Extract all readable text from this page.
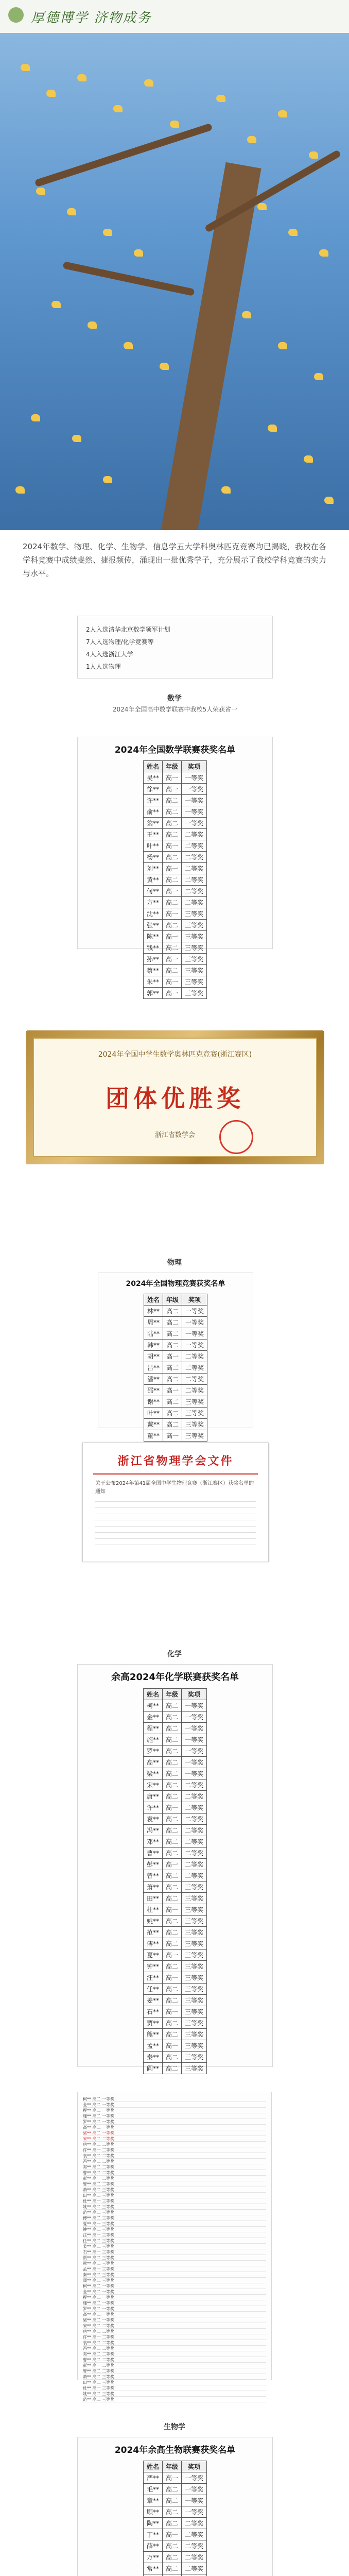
厚德博学 济物成务
2024年数学、物理、化学、生物学、信息学五大学科奥林匹克竞赛均已揭晓，我校在各学科竞赛中成绩斐然、捷报频传，涌现出一批优秀学子，充分展示了我校学科竞赛的实力与水平。
2人入选清华北京数学领军计划
7人入选物理/化学竞赛等
4人入选浙江大学
1人人选物理
数学
2024年全国高中数学联赛中我校5人荣获省一
2024年全国数学联赛获奖名单
姓名	年级	奖项
吴**	高一	一等奖
徐**	高一	一等奖
许**	高二	一等奖
俞**	高二	一等奖
翁**	高二	一等奖
王**	高二	二等奖
叶**	高一	二等奖
杨**	高二	二等奖
刘**	高一	二等奖
黄**	高二	二等奖
何**	高一	二等奖
方**	高二	二等奖
沈**	高一	三等奖
张**	高二	三等奖
陈**	高一	三等奖
钱**	高二	三等奖
孙**	高一	三等奖
蔡**	高二	三等奖
朱**	高一	三等奖
郭**	高一	三等奖
2024年全国中学生数学奥林匹克竞赛(浙江赛区)
团体优胜奖
浙江省数学会
物理
2024年全国物理竞赛获奖名单
姓名	年级	奖项
林**	高二	一等奖
周**	高二	一等奖
陆**	高二	一等奖
韩**	高二	一等奖
胡**	高一	二等奖
吕**	高二	二等奖
潘**	高二	二等奖
邵**	高一	二等奖
谢**	高二	三等奖
叶**	高二	三等奖
戴**	高二	三等奖
董**	高一	三等奖
浙江省物理学会文件
关于公布2024年第41届全国中学生物理竞赛（浙江赛区）获奖名单的通知
化学
余高2024年化学联赛获奖名单
姓名	年级	奖项
柯**	高二	一等奖
金**	高二	一等奖
程**	高二	一等奖
施**	高二	一等奖
罗**	高二	一等奖
高**	高二	一等奖
梁**	高二	一等奖
宋**	高二	二等奖
唐**	高二	二等奖
许**	高一	二等奖
袁**	高二	二等奖
冯**	高二	二等奖
邓**	高二	二等奖
曹**	高二	二等奖
彭**	高一	二等奖
曾**	高二	二等奖
萧**	高二	三等奖
田**	高二	三等奖
杜**	高一	三等奖
姚**	高二	三等奖
范**	高二	三等奖
傅**	高二	三等奖
夏**	高一	三等奖
钟**	高二	三等奖
汪**	高一	三等奖
任**	高二	三等奖
姜**	高二	三等奖
石**	高一	三等奖
贾**	高二	三等奖
熊**	高二	三等奖
孟**	高一	三等奖
秦**	高二	三等奖
阎**	高二	三等奖
柯** 高二 一等奖
金** 高二 一等奖
程** 高二 一等奖
施** 高二 一等奖
罗** 高二 一等奖
高** 高二 一等奖
梁** 高二 一等奖
宋** 高二 二等奖
唐** 高二 二等奖
许** 高一 二等奖
袁** 高二 二等奖
冯** 高二 二等奖
邓** 高二 二等奖
曹** 高二 二等奖
彭** 高一 二等奖
曾** 高二 二等奖
萧** 高二 三等奖
田** 高二 三等奖
杜** 高一 三等奖
姚** 高二 三等奖
范** 高二 三等奖
傅** 高二 三等奖
夏** 高一 三等奖
钟** 高二 三等奖
汪** 高一 三等奖
任** 高二 三等奖
姜** 高二 三等奖
石** 高一 三等奖
贾** 高二 三等奖
熊** 高二 三等奖
孟** 高一 三等奖
秦** 高二 三等奖
阎** 高二 三等奖
柯** 高二 一等奖
金** 高二 一等奖
程** 高二 一等奖
施** 高二 一等奖
罗** 高二 一等奖
高** 高二 一等奖
梁** 高二 一等奖
宋** 高二 二等奖
唐** 高二 二等奖
许** 高一 二等奖
袁** 高二 二等奖
冯** 高二 二等奖
邓** 高二 二等奖
曹** 高二 二等奖
彭** 高一 二等奖
曾** 高二 二等奖
萧** 高二 三等奖
田** 高二 三等奖
杜** 高一 三等奖
姚** 高二 三等奖
范** 高二 三等奖
生物学
2024年余高生物联赛获奖名单
姓名	年级	奖项
严**	高一	一等奖
毛**	高二	一等奖
章**	高二	一等奖
顾**	高二	一等奖
陶**	高二	二等奖
丁**	高一	二等奖
薛**	高二	二等奖
万**	高二	二等奖
常**	高二	二等奖
